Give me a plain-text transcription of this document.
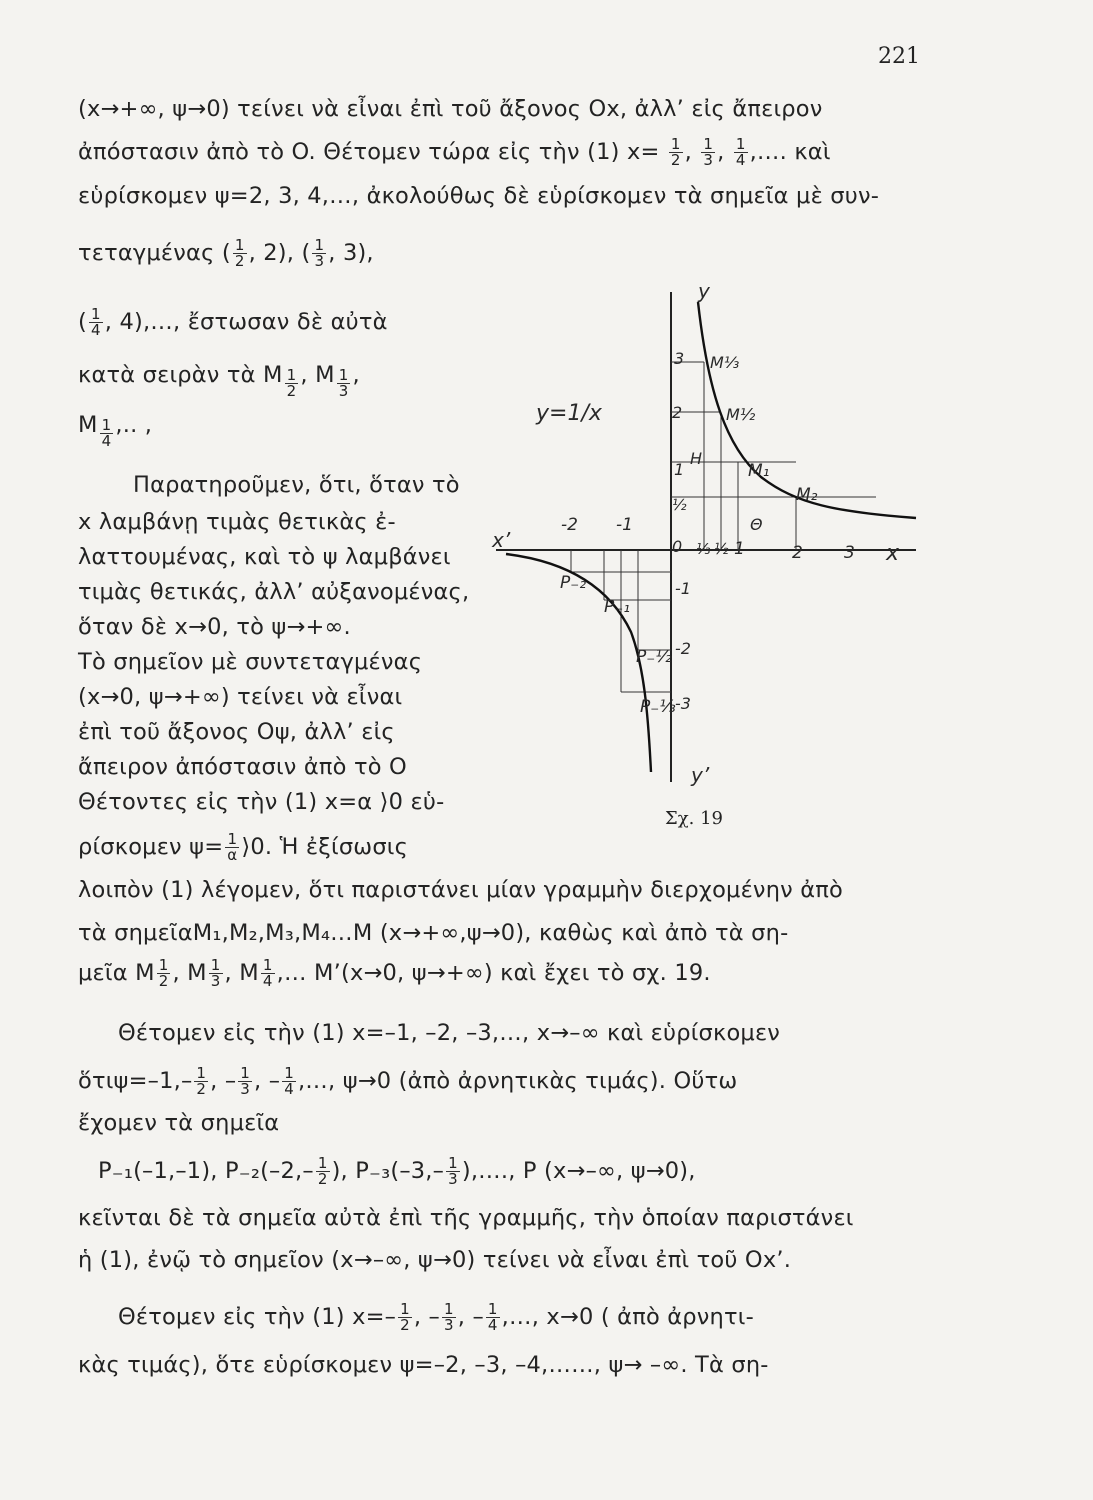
221
(x→+∞, ψ→0) τείνει νὰ εἶναι ἐπὶ τοῦ ἄξονος Ox, ἀλλ’ εἰς ἄπειρον
ἀπόστασιν ἀπὸ τὸ O. Θέτομεν τώρα εἰς τὴν (1) $x= \frac{1}{2}$ , $\frac{1}{3}$ , $\frac{1}{4}$ ,…. καὶ
εὑρίσκομεν ψ=2, 3, 4,…, ἀκολούθως δὲ εὑρίσκομεν τὰ σημεῖα μὲ συν-
τεταγμένας ( $\frac{1}{2}$ , 2), ( $\frac{1}{3}$ , 3),
( $\frac{1}{4}$ , 4),…, ἔστωσαν δὲ αὐτὰ
κατὰ σειρὰν τὰ M $\frac{1}{2}$ , M $\frac{1}{3}$ ,
M $\frac{1}{4}$ ,.. ,
Παρατηροῦμεν, ὅτι, ὅταν τὸ
x λαμβάνῃ τιμὰς θετικὰς ἐ-
λαττουμένας, καὶ τὸ ψ λαμβάνει
τιμὰς θετικάς, ἀλλ’ αὐξανομένας,
ὅταν δὲ x→0, τὸ ψ→+∞.
Τὸ σημεῖον μὲ συντεταγμένας
(x→0, ψ→+∞) τείνει νὰ εἶναι
ἐπὶ τοῦ ἄξονος Oψ, ἀλλ’ εἰς
ἄπειρον ἀπόστασιν ἀπὸ τὸ O
Θέτοντες εἰς τὴν (1) x=α ⟩0 εὑ-
ρίσκομεν $\psi= \frac{1}{\alpha}$ ⟩0. Ἡ ἐξίσωσις
λοιπὸν (1) λέγομεν, ὅτι παριστάνει μίαν γραμμὴν διερχομένην ἀπὸ
τὰ σημεῖαM₁,M₂,M₃,M₄…M (x→+∞,ψ→0), καθὼς καὶ ἀπὸ τὰ ση-
μεῖα M $\frac{1}{2}$ , M $\frac{1}{3}$ , M $\frac{1}{4}$ ,… M’(x→0, ψ→+∞) καὶ ἔχει τὸ σχ. 19.
Θέτομεν εἰς τὴν (1) x=–1, –2, –3,…, x→–∞ καὶ εὑρίσκομεν
ὅτιψ=–1,– $\frac{1}{2}$ , – $\frac{1}{3}$ , – $\frac{1}{4}$ ,…, ψ→0 (ἀπὸ ἀρνητικὰς τιμάς). Οὕτω
ἔχομεν τὰ σημεῖα
P₋₁(–1,–1), $P_{-2}(-2,- \frac{1}{2}$ ), $P_{-3}(-3,- \frac{1}{3}$ ),…., P (x→–∞, ψ→0),
κεῖνται δὲ τὰ σημεῖα αὐτὰ ἐπὶ τῆς γραμμῆς, τὴν ὁποίαν παριστάνει
ἡ (1), ἐνῷ τὸ σημεῖον (x→–∞, ψ→0) τείνει νὰ εἶναι ἐπὶ τοῦ Ox’.
Θέτομεν εἰς τὴν (1) $x=- \frac{1}{2}$ , – $\frac{1}{3}$ , – $\frac{1}{4}$ ,…, x→0 ( ἀπὸ ἀρνητι-
κὰς τιμάς), ὅτε εὑρίσκομεν ψ=–2, –3, –4,……, ψ→ –∞. Τὰ ση-
y=1/x
y
y’
x
x’	0
-2 -1
⅓ ½ 1	2 3
3
2
1
½
-1
-2
-3
M⅓
M½
M₁
M₂
H
Θ
P₋₂
P₋₁
P₋½
P₋⅓
Σχ. 19
